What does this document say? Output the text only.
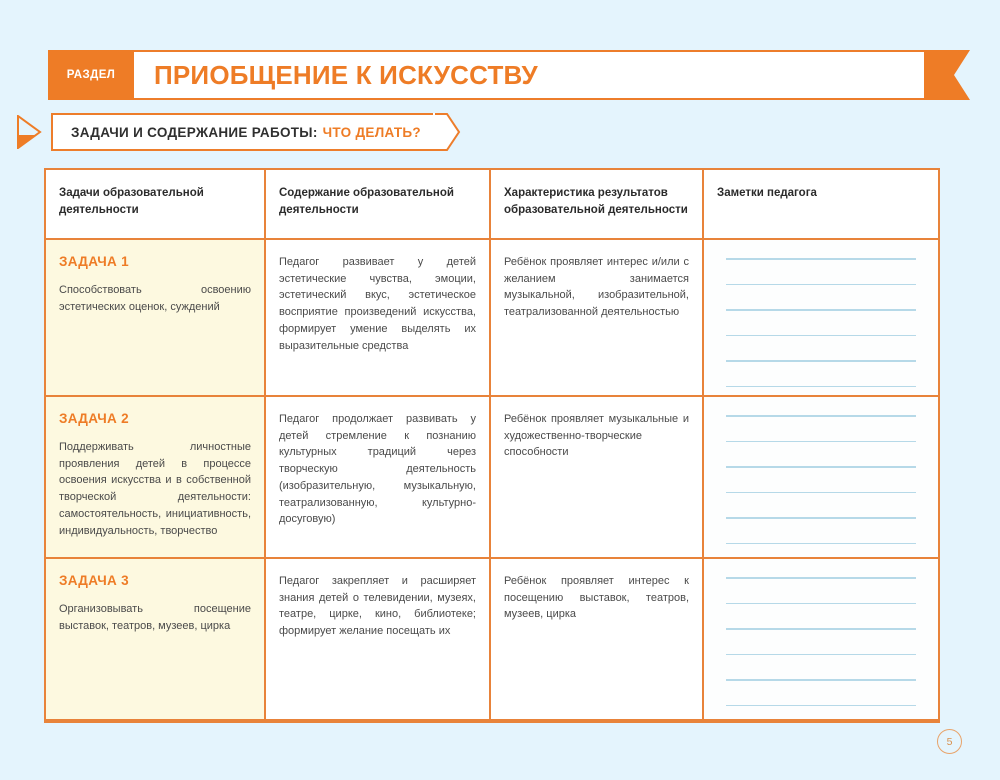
РАЗДЕЛ	ПРИОБЩЕНИЕ К ИСКУССТВУ
ЗАДАЧИ И СОДЕРЖАНИЕ РАБОТЫ: ЧТО ДЕЛАТЬ?
Задачи образовательной деятельности
Содержание образовательной деятельности
Характеристика результатов образовательной деятельности
Заметки педагога
ЗАДАЧА 1
Способствовать освоению эстетических оценок, суждений
Педагог развивает у детей эстетические чувства, эмоции, эстетический вкус, эстетическое восприятие произведений искусства, формирует умение выделять их выразительные средства
Ребёнок проявляет интерес и/или с желанием занимается музыкальной, изобразительной, театрализованной деятельностью
ЗАДАЧА 2
Поддерживать личностные проявления детей в процессе освоения искусства и в собственной творческой деятельности: самостоятельность, инициативность, индивидуальность, творчество
Педагог продолжает развивать у детей стремление к познанию культурных традиций через творческую деятельность (изобразительную, музыкальную, театрализованную, культурно-досуговую)
Ребёнок проявляет музыкальные и художественно-творческие способности
ЗАДАЧА 3
Организовывать посещение выставок, театров, музеев, цирка
Педагог закрепляет и расширяет знания детей о телевидении, музеях, театре, цирке, кино, библиотеке; формирует желание посещать их
Ребёнок проявляет интерес к посещению выставок, театров, музеев, цирка
5
